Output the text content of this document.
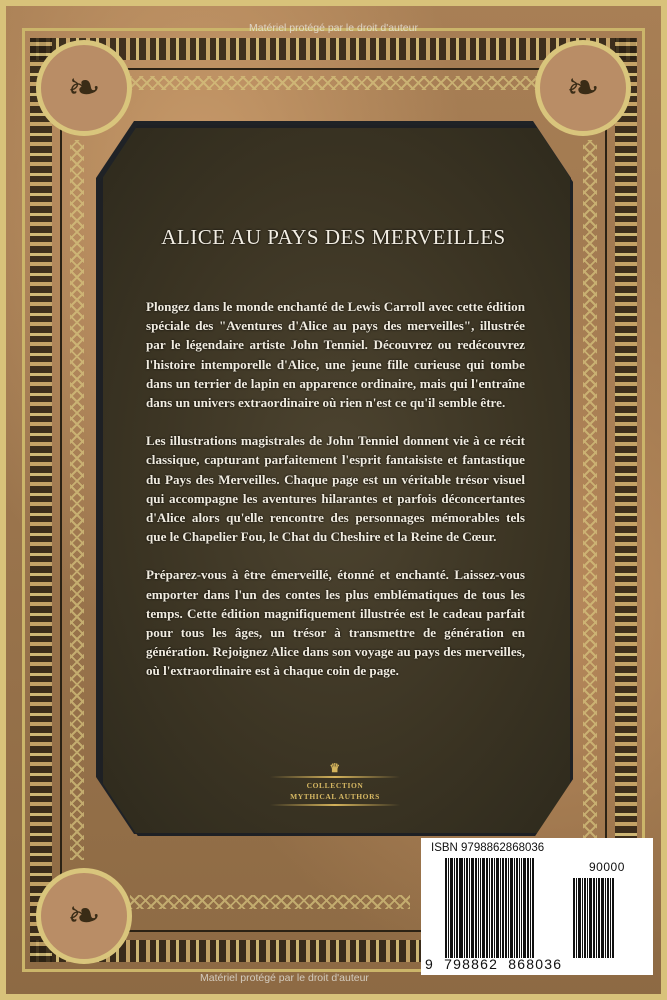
❧	❧
❧
Matériel protégé par le droit d'auteur
ALICE AU PAYS DES MERVEILLES

Plongez dans le monde enchanté de Lewis Carroll avec cette édition spéciale des "Aventures d'Alice au pays des merveilles", illustrée par le légendaire artiste John Tenniel. Découvrez ou redécouvrez l'histoire intemporelle d'Alice, une jeune fille curieuse qui tombe dans un terrier de lapin en apparence ordinaire, mais qui l'entraîne dans un univers extraordinaire où rien n'est ce qu'il semble être.

Les illustrations magistrales de John Tenniel donnent vie à ce récit classique, capturant parfaitement l'esprit fantaisiste et fantastique du Pays des Merveilles. Chaque page est un véritable trésor visuel qui accompagne les aventures hilarantes et parfois déconcertantes d'Alice alors qu'elle rencontre des personnages mémorables tels que le Chapelier Fou, le Chat du Cheshire et la Reine de Cœur.

Préparez-vous à être émerveillé, étonné et enchanté. Laissez-vous emporter dans l'un des contes les plus emblématiques de tous les temps. Cette édition magnifiquement illustrée est le cadeau parfait pour tous les âges, un trésor à transmettre de génération en génération. Rejoignez Alice dans son voyage au pays des merveilles, où l'extraordinaire est à chaque coin de page.

♛
COLLECTION
MYTHICAL AUTHORS
ISBN 9798862868036
90000
9  798862  868036
Matériel protégé par le droit d'auteur
